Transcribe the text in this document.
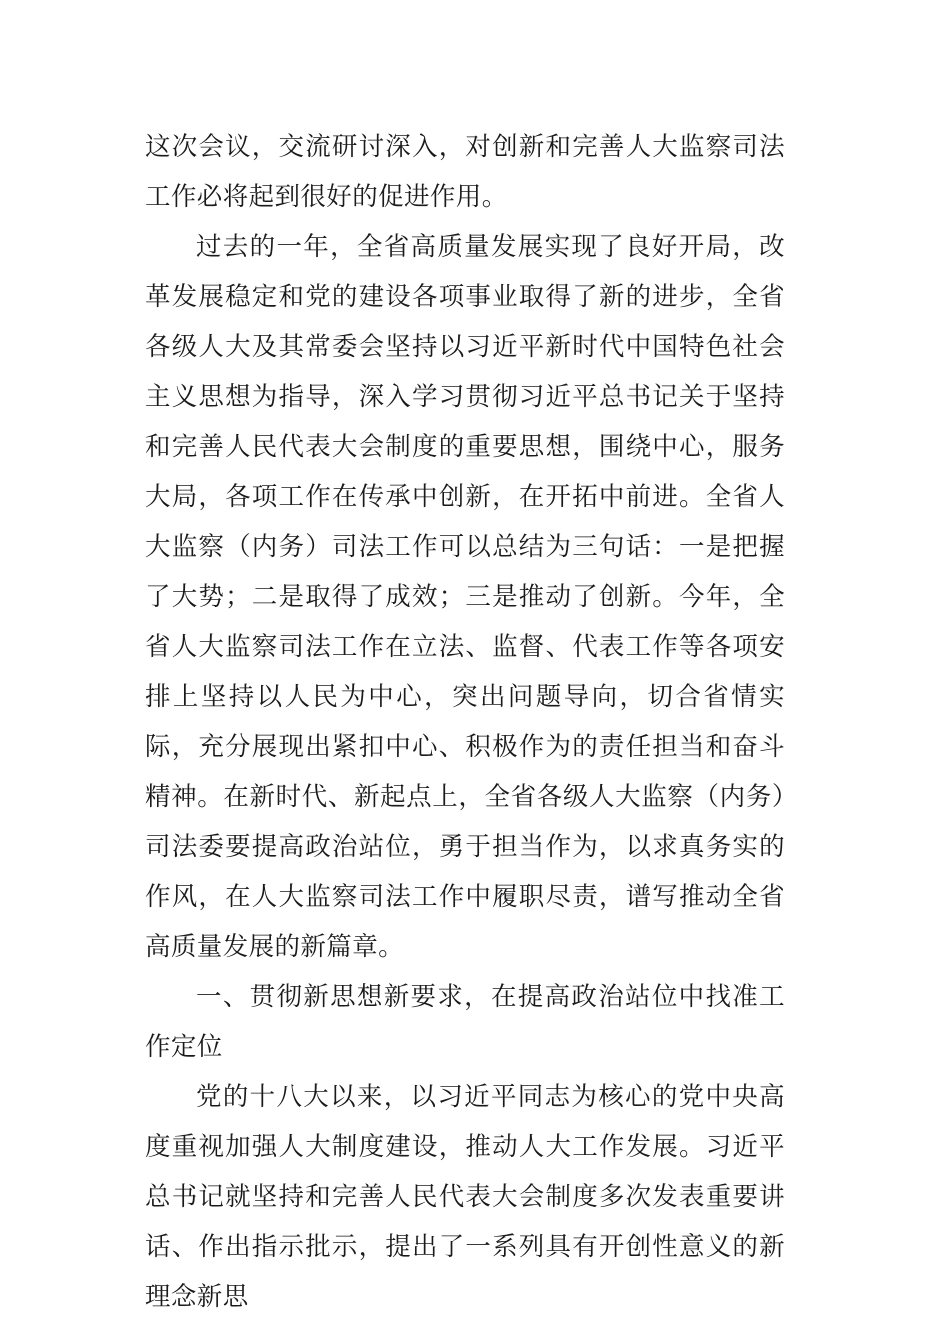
这次会议，交流研讨深入，对创新和完善人大监察司法工作必将起到很好的促进作用。

过去的一年，全省高质量发展实现了良好开局，改革发展稳定和党的建设各项事业取得了新的进步，全省各级人大及其常委会坚持以习近平新时代中国特色社会主义思想为指导，深入学习贯彻习近平总书记关于坚持和完善人民代表大会制度的重要思想，围绕中心，服务大局，各项工作在传承中创新，在开拓中前进。全省人大监察（内务）司法工作可以总结为三句话：一是把握了大势；二是取得了成效；三是推动了创新。今年，全省人大监察司法工作在立法、监督、代表工作等各项安排上坚持以人民为中心，突出问题导向，切合省情实际，充分展现出紧扣中心、积极作为的责任担当和奋斗精神。在新时代、新起点上，全省各级人大监察（内务）司法委要提高政治站位，勇于担当作为，以求真务实的作风，在人大监察司法工作中履职尽责，谱写推动全省高质量发展的新篇章。

一、贯彻新思想新要求，在提高政治站位中找准工作定位

党的十八大以来，以习近平同志为核心的党中央高度重视加强人大制度建设，推动人大工作发展。习近平总书记就坚持和完善人民代表大会制度多次发表重要讲话、作出指示批示，提出了一系列具有开创性意义的新理念新思
